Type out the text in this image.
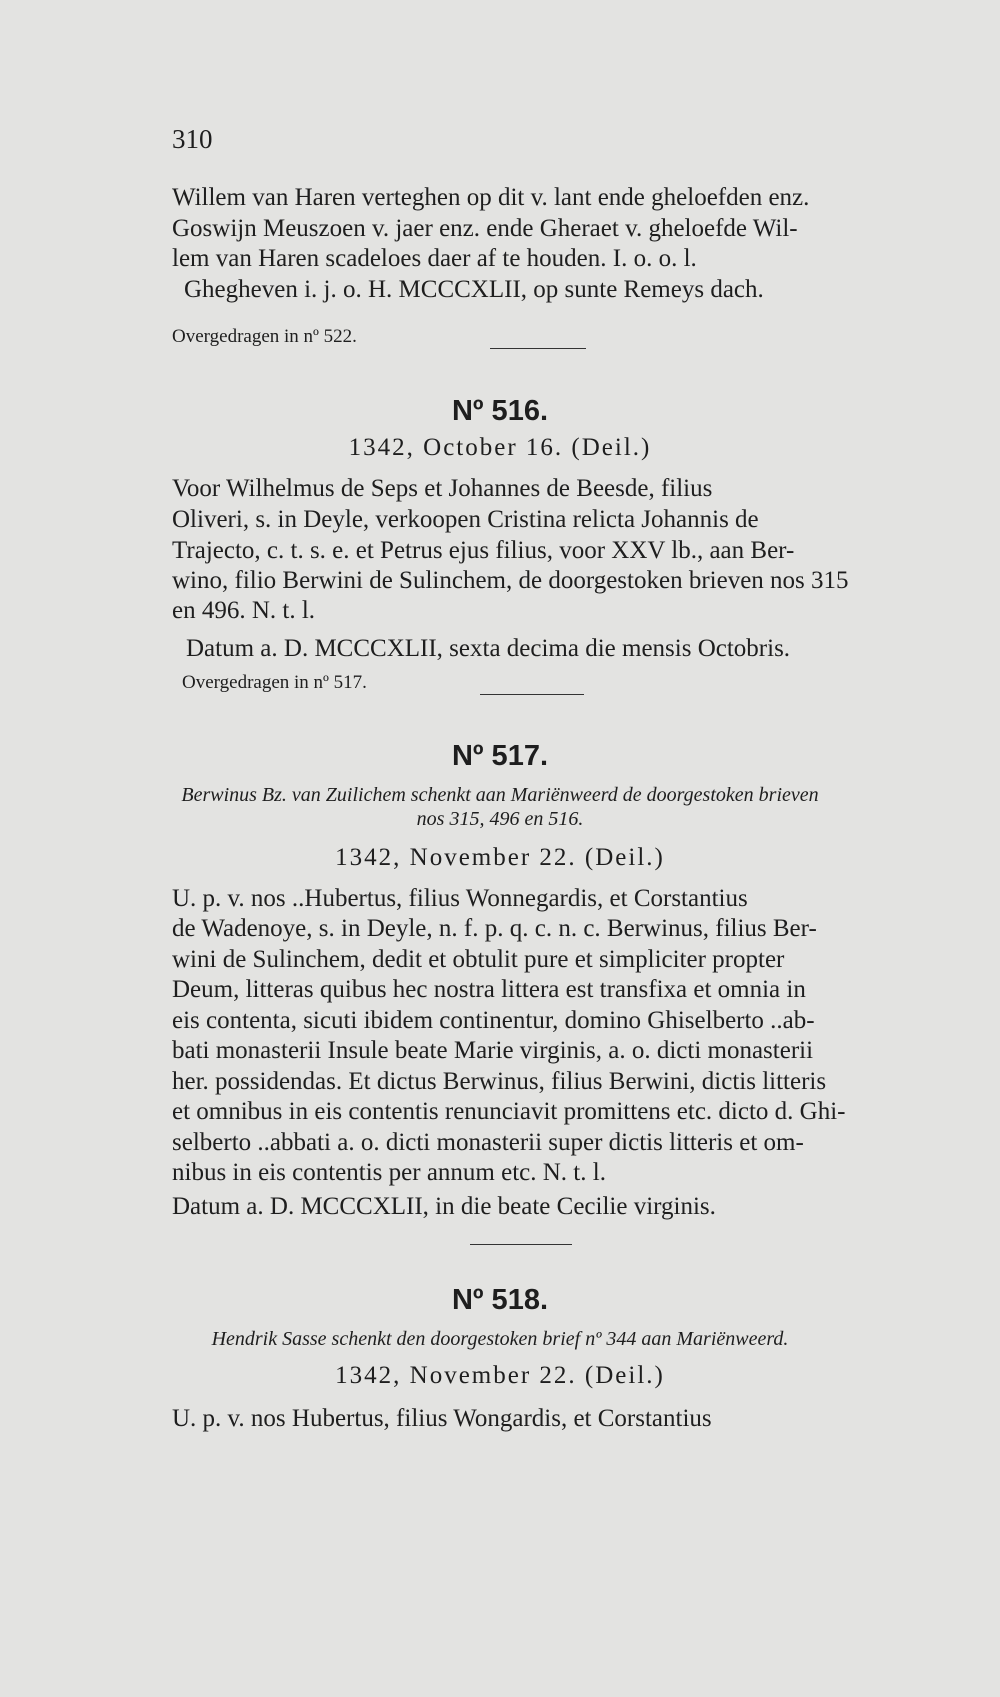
310
Willem van Haren verteghen op dit v. lant ende gheloefden enz.
Goswijn Meuszoen v. jaer enz. ende Gheraet v. gheloefde Wil-
lem van Haren scadeloes daer af te houden. I. o. o. l.
Ghegheven i. j. o. H. MCCCXLII, op sunte Remeys dach.
Overgedragen in nº 522.
Nº 516.
1342, October 16. (Deil.)
Voor Wilhelmus de Seps et Johannes de Beesde, filius
Oliveri, s. in Deyle, verkoopen Cristina relicta Johannis de
Trajecto, c. t. s. e. et Petrus ejus filius, voor XXV lb., aan Ber-
wino, filio Berwini de Sulinchem, de doorgestoken brieven nos 315
en 496. N. t. l.
Datum a. D. MCCCXLII, sexta decima die mensis Octobris.
Overgedragen in nº 517.
Nº 517.
Berwinus Bz. van Zuilichem schenkt aan Mariënweerd de doorgestoken brieven
nos 315, 496 en 516.
1342, November 22. (Deil.)
U. p. v. nos ..Hubertus, filius Wonnegardis, et Corstantius
de Wadenoye, s. in Deyle, n. f. p. q. c. n. c. Berwinus, filius Ber-
wini de Sulinchem, dedit et obtulit pure et simpliciter propter
Deum, litteras quibus hec nostra littera est transfixa et omnia in
eis contenta, sicuti ibidem continentur, domino Ghiselberto ..ab-
bati monasterii Insule beate Marie virginis, a. o. dicti monasterii
her. possidendas. Et dictus Berwinus, filius Berwini, dictis litteris
et omnibus in eis contentis renunciavit promittens etc. dicto d. Ghi-
selberto ..abbati a. o. dicti monasterii super dictis litteris et om-
nibus in eis contentis per annum etc. N. t. l.
Datum a. D. MCCCXLII, in die beate Cecilie virginis.
Nº 518.
Hendrik Sasse schenkt den doorgestoken brief nº 344 aan Mariënweerd.
1342, November 22. (Deil.)
U. p. v. nos Hubertus, filius Wongardis, et Corstantius
